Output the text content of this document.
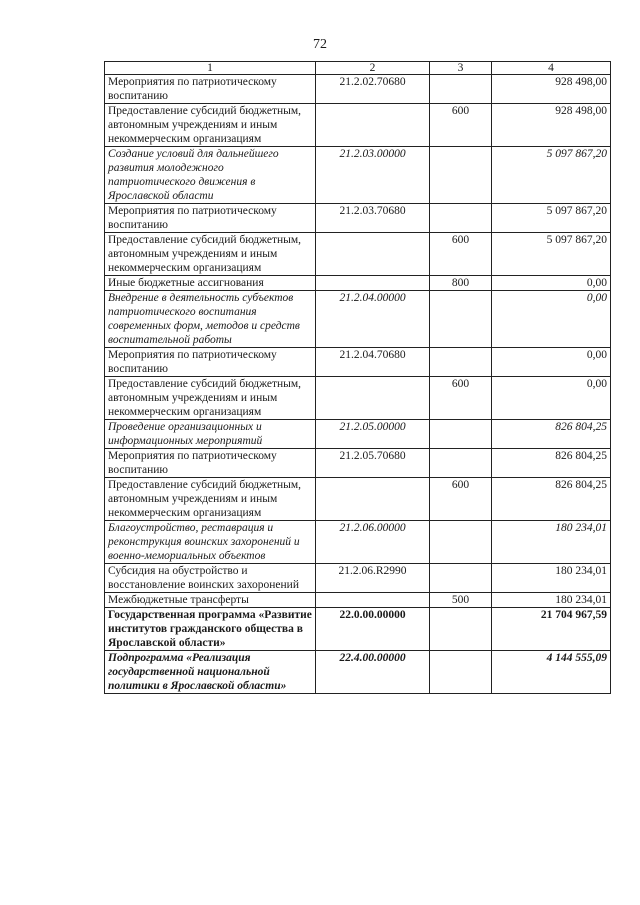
72
1	2	3	4
Мероприятия по патриотическому воспитанию	21.2.02.70680		928 498,00
Предоставление субсидий бюджетным, автономным учреждениям и иным некоммерческим организациям		600	928 498,00
Создание условий для дальнейшего развития молодежного патриотического движения в Ярославской области	21.2.03.00000		5 097 867,20
Мероприятия по патриотическому воспитанию	21.2.03.70680		5 097 867,20
Предоставление субсидий бюджетным, автономным учреждениям и иным некоммерческим организациям		600	5 097 867,20
Иные бюджетные ассигнования		800	0,00
Внедрение в деятельность субъектов патриотического воспитания современных форм, методов и средств воспитательной работы	21.2.04.00000		0,00
Мероприятия по патриотическому воспитанию	21.2.04.70680		0,00
Предоставление субсидий бюджетным, автономным учреждениям и иным некоммерческим организациям		600	0,00
Проведение организационных и информационных мероприятий	21.2.05.00000		826 804,25
Мероприятия по патриотическому воспитанию	21.2.05.70680		826 804,25
Предоставление субсидий бюджетным, автономным учреждениям и иным некоммерческим организациям		600	826 804,25
Благоустройство, реставрация и реконструкция воинских захоронений и военно-мемориальных объектов	21.2.06.00000		180 234,01
Субсидия на обустройство и восстановление воинских захоронений	21.2.06.R2990		180 234,01
Межбюджетные трансферты		500	180 234,01
Государственная программа «Развитие институтов гражданского общества в Ярославской области»	22.0.00.00000		21 704 967,59
Подпрограмма «Реализация государственной национальной политики в Ярославской области»	22.4.00.00000		4 144 555,09
